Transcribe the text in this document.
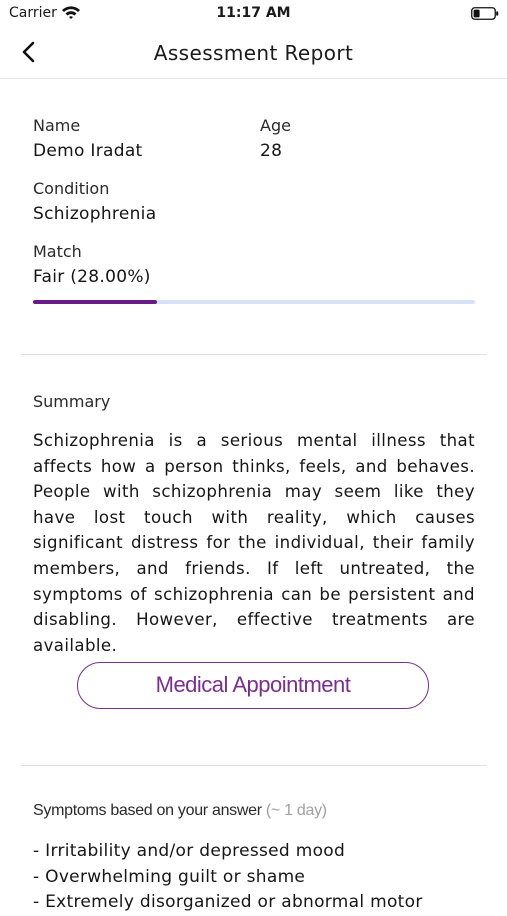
Carrier	11:17 AM
Assessment Report
Name
Demo Iradat
Age
28
Condition
Schizophrenia
Match
Fair (28.00%)
Summary
Schizophrenia is a serious mental illness that affects how a person thinks, feels, and behaves. People with schizophrenia may seem like they have lost touch with reality, which causes significant distress for the individual, their family members, and friends. If left untreated, the symptoms of schizophrenia can be persistent and disabling. However, effective treatments are available.
Medical Appointment
Symptoms based on your answer (~ 1 day)
- Irritability and/or depressed mood
- Overwhelming guilt or shame
- Extremely disorganized or abnormal motor
